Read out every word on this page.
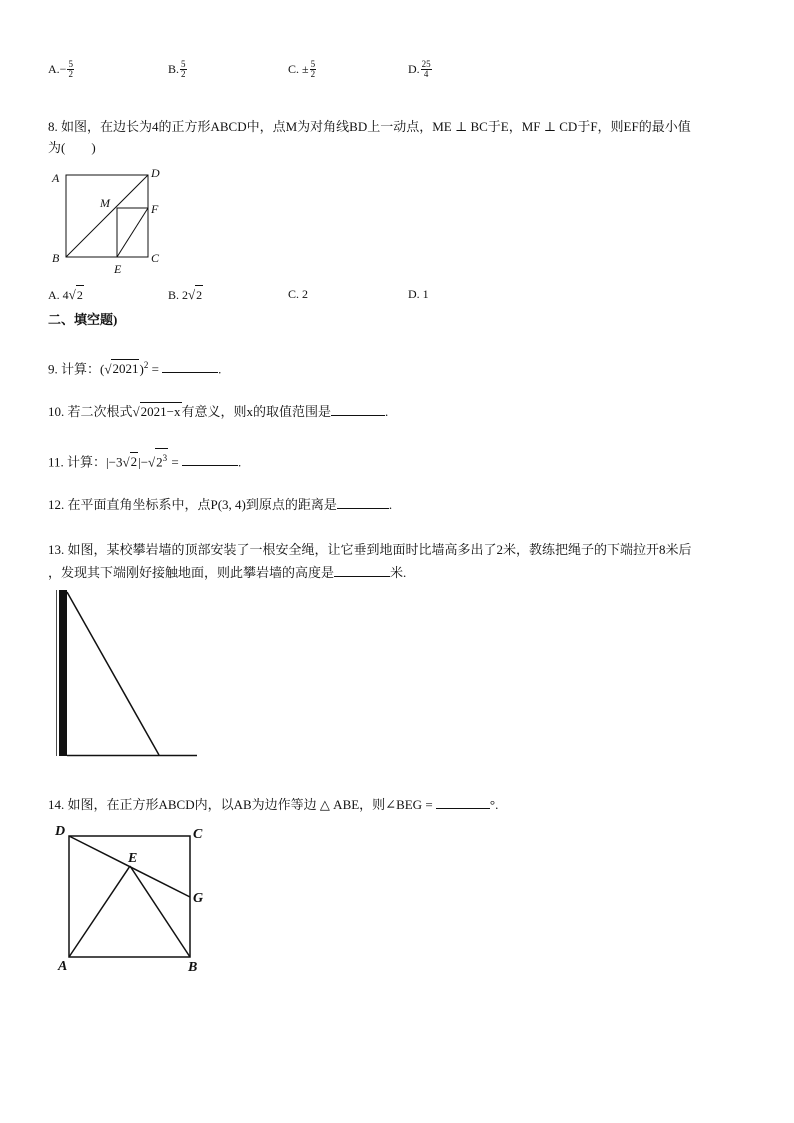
$A.- \frac{5}{2}$	B. $\frac{5}{2}$	C. ± $\frac{5}{2}$	D. $\frac{25}{4}$
8. 如图，在边长为4的正方形ABCD中，点M为对角线BD上一动点，ME ⊥ BC于E，MF ⊥ CD于F，则EF的最小值
为(　　)
A	D
B	C
M	F
E
A. 4√2	B. 2√2	C. 2	D. 1
二、填空题)
9. 计算：$(√2021)^2$ =	.
10. 若二次根式√2021−x有意义，则x的取值范围是	.
11. 计算：$|-3√2|-√2^3$ =	.
12. 在平面直角坐标系中，点P(3, 4)到原点的距离是	.
13. 如图，某校攀岩墙的顶部安装了一根安全绳，让它垂到地面时比墙高多出了2米，教练把绳子的下端拉开8米后
，发现其下端刚好接触地面，则此攀岩墙的高度是	米.
14. 如图，在正方形ABCD内，以AB为边作等边 △ ABE，则∠BEG =	°.
D	C
E
G
A	B
